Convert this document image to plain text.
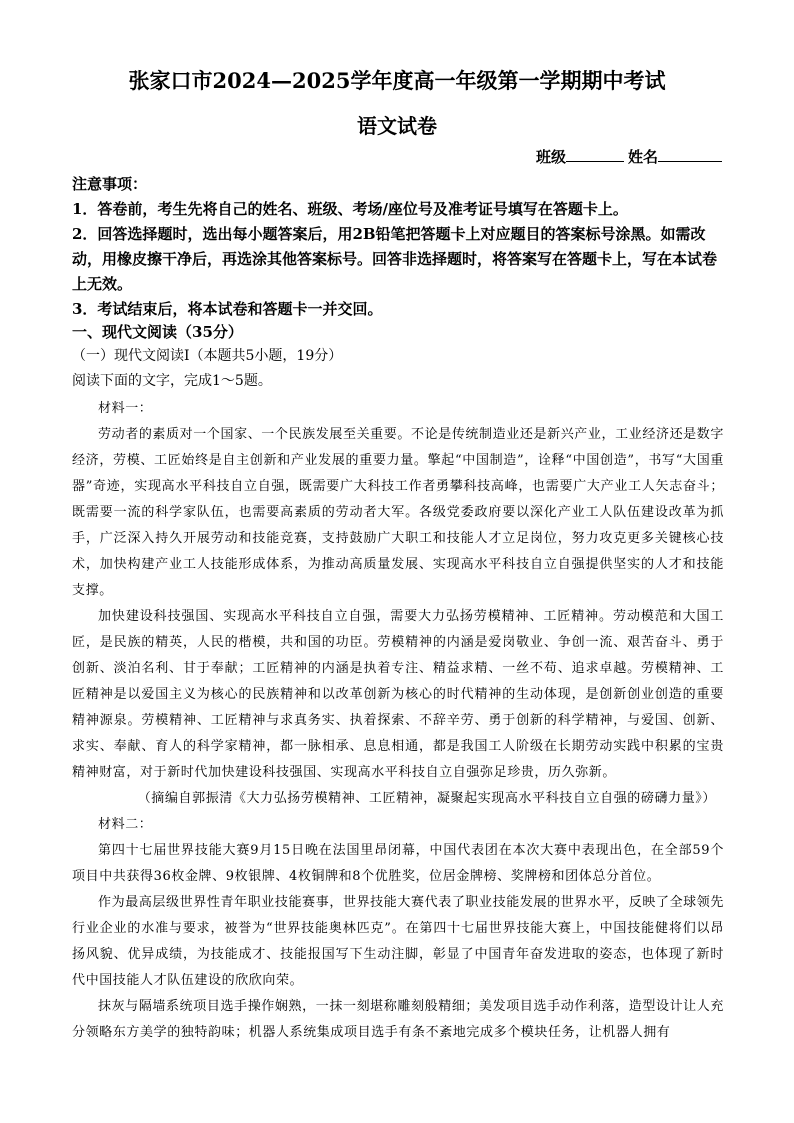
张家口市2024—2025学年度高一年级第一学期期中考试
语文试卷
班级	姓名

注意事项：

1．答卷前，考生先将自己的姓名、班级、考场/座位号及准考证号填写在答题卡上。

2．回答选择题时，选出每小题答案后，用2B铅笔把答题卡上对应题目的答案标号涂黑。如需改动，用橡皮擦干净后，再选涂其他答案标号。回答非选择题时，将答案写在答题卡上，写在本试卷上无效。

3．考试结束后，将本试卷和答题卡一并交回。

一、现代文阅读（35分）
（一）现代文阅读Ⅰ（本题共5小题，19分）
阅读下面的文字，完成1～5题。

材料一：

劳动者的素质对一个国家、一个民族发展至关重要。不论是传统制造业还是新兴产业，工业经济还是数字经济，劳模、工匠始终是自主创新和产业发展的重要力量。擎起“中国制造”，诠释“中国创造”，书写“大国重器”奇迹，实现高水平科技自立自强，既需要广大科技工作者勇攀科技高峰，也需要广大产业工人矢志奋斗；既需要一流的科学家队伍，也需要高素质的劳动者大军。各级党委政府要以深化产业工人队伍建设改革为抓手，广泛深入持久开展劳动和技能竞赛，支持鼓励广大职工和技能人才立足岗位，努力攻克更多关键核心技术，加快构建产业工人技能形成体系，为推动高质量发展、实现高水平科技自立自强提供坚实的人才和技能支撑。

加快建设科技强国、实现高水平科技自立自强，需要大力弘扬劳模精神、工匠精神。劳动模范和大国工匠，是民族的精英，人民的楷模，共和国的功臣。劳模精神的内涵是爱岗敬业、争创一流、艰苦奋斗、勇于创新、淡泊名利、甘于奉献；工匠精神的内涵是执着专注、精益求精、一丝不苟、追求卓越。劳模精神、工匠精神是以爱国主义为核心的民族精神和以改革创新为核心的时代精神的生动体现，是创新创业创造的重要精神源泉。劳模精神、工匠精神与求真务实、执着探索、不辞辛劳、勇于创新的科学精神，与爱国、创新、求实、奉献、育人的科学家精神，都一脉相承、息息相通，都是我国工人阶级在长期劳动实践中积累的宝贵精神财富，对于新时代加快建设科技强国、实现高水平科技自立自强弥足珍贵，历久弥新。

（摘编自郭振清《大力弘扬劳模精神、工匠精神，凝聚起实现高水平科技自立自强的磅礴力量》）

材料二：

第四十七届世界技能大赛9月15日晚在法国里昂闭幕，中国代表团在本次大赛中表现出色，在全部59个项目中共获得36枚金牌、9枚银牌、4枚铜牌和8个优胜奖，位居金牌榜、奖牌榜和团体总分首位。

作为最高层级世界性青年职业技能赛事，世界技能大赛代表了职业技能发展的世界水平，反映了全球领先行业企业的水准与要求，被誉为“世界技能奥林匹克”。在第四十七届世界技能大赛上，中国技能健将们以昂扬风貌、优异成绩，为技能成才、技能报国写下生动注脚，彰显了中国青年奋发进取的姿态，也体现了新时代中国技能人才队伍建设的欣欣向荣。

抹灰与隔墙系统项目选手操作娴熟，一抹一刻堪称雕刻般精细；美发项目选手动作利落，造型设计让人充分领略东方美学的独特韵味；机器人系统集成项目选手有条不紊地完成多个模块任务，让机器人拥有
